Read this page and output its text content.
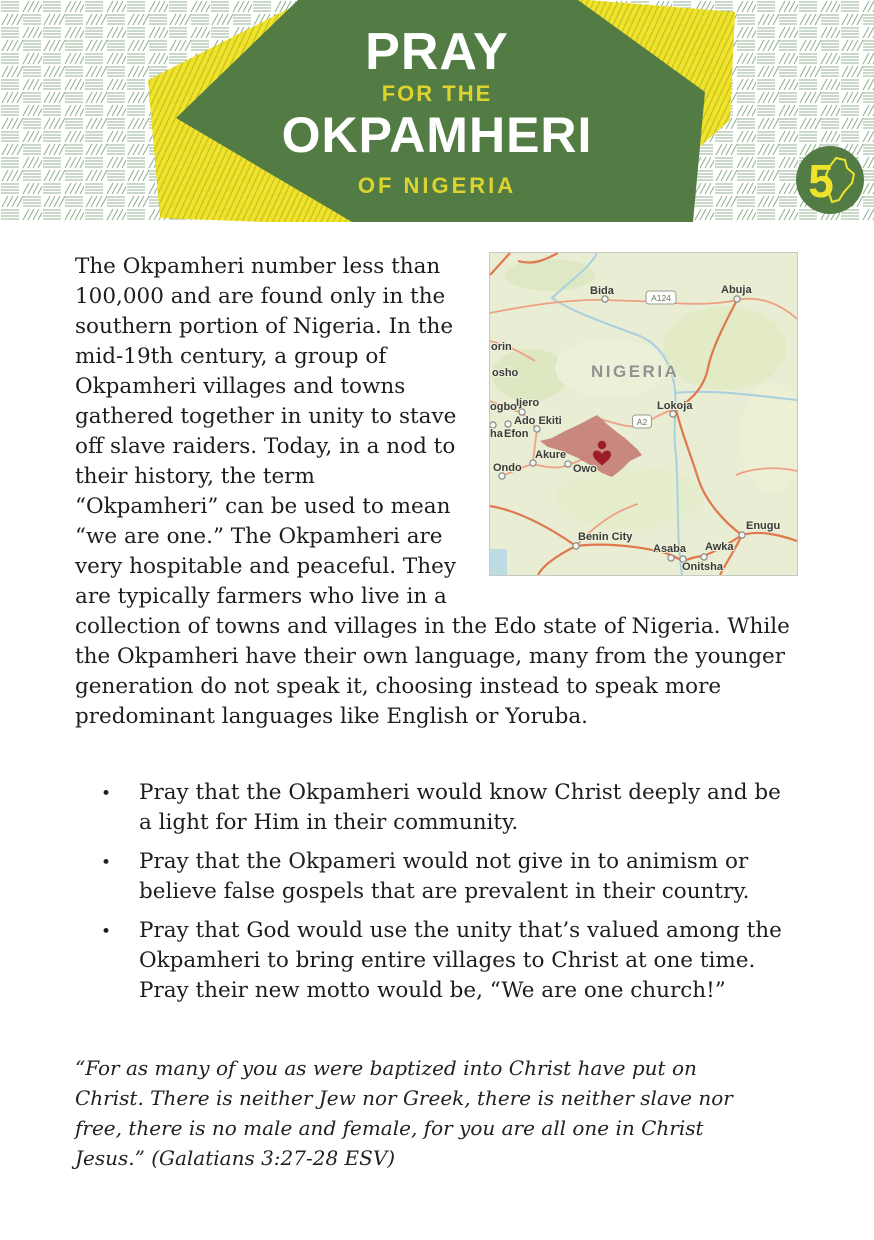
PRAY
FOR THE
OKPAMHERI
OF NIGERIA	5
NIGERIA
Bida	Abuja
Lokoja
Ijero
Ado Ekiti
Efon
Akure
Ondo	Owo
Benin City
Asaba Awka
Onitsha
Enugu
orin
osho
ogbo
ha
A124
A2

The Okpamheri number less than 100,000 and are found only in the southern portion of Nigeria. In the mid-19th century, a group of Okpamheri villages and towns gathered together in unity to stave off slave raiders. Today, in a nod to their history, the term “Okpamheri” can be used to mean “we are one.” The Okpamheri are very hospitable and peaceful. They are typically farmers who live in a collection of towns and villages in the Edo state of Nigeria. While the Okpamheri have their own language, many from the younger generation do not speak it, choosing instead to speak more predominant languages like English or Yoruba.

• Pray that the Okpamheri would know Christ deeply and be a light for Him in their community.
• Pray that the Okpameri would not give in to animism or believe false gospels that are prevalent in their country.
• Pray that God would use the unity that’s valued among the Okpamheri to bring entire villages to Christ at one time. Pray their new motto would be, “We are one church!”

“For as many of you as were baptized into Christ have put on Christ. There is neither Jew nor Greek, there is neither slave nor free, there is no male and female, for you are all one in Christ Jesus.” (Galatians 3:27-28 ESV)
